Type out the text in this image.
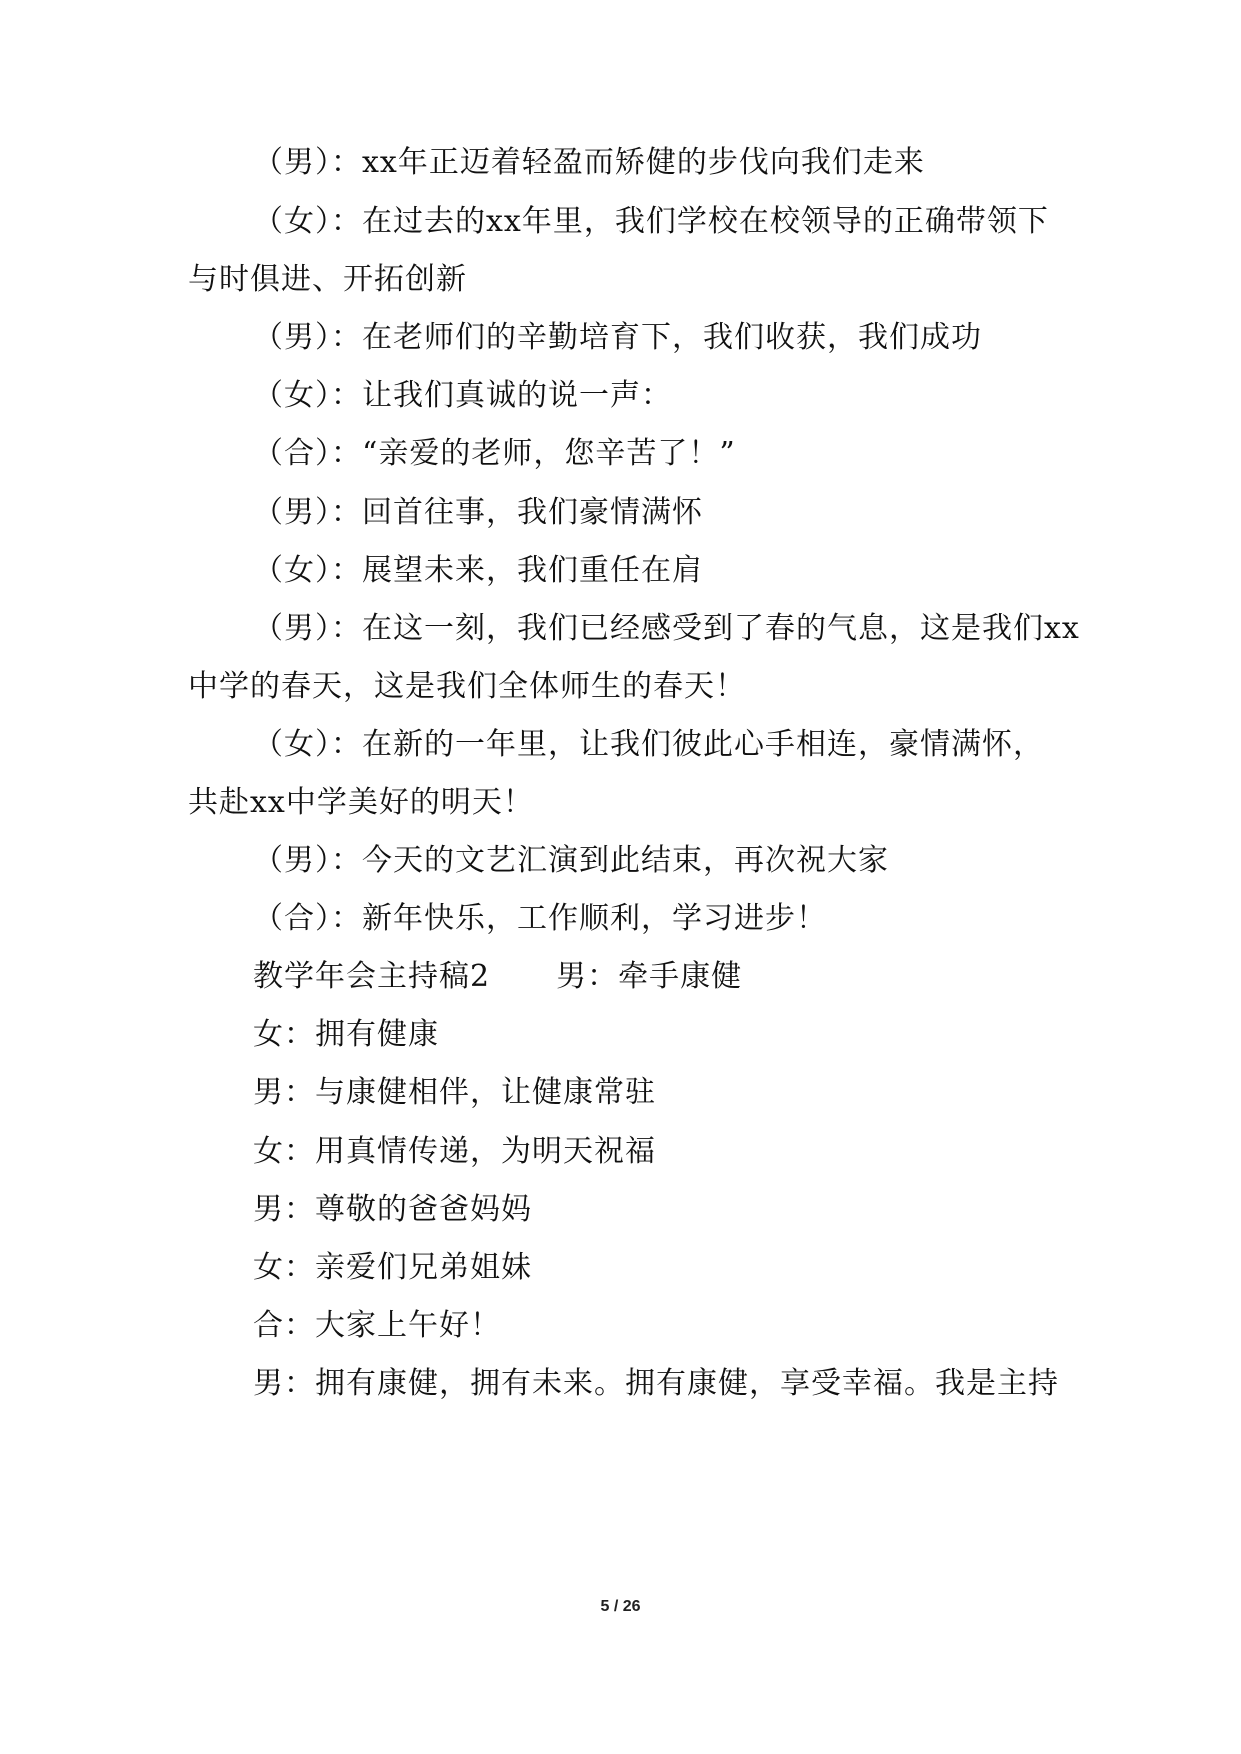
（男）：xx年正迈着轻盈而矫健的步伐向我们走来
（女）：在过去的xx年里，我们学校在校领导的正确带领下
与时俱进、开拓创新
（男）：在老师们的辛勤培育下，我们收获，我们成功
（女）：让我们真诚的说一声：
（合）：“亲爱的老师，您辛苦了！”
（男）：回首往事，我们豪情满怀
（女）：展望未来，我们重任在肩
（男）：在这一刻，我们已经感受到了春的气息，这是我们xx
中学的春天，这是我们全体师生的春天！
（女）：在新的一年里，让我们彼此心手相连，豪情满怀，
共赴xx中学美好的明天！
（男）：今天的文艺汇演到此结束，再次祝大家
（合）：新年快乐，工作顺利，学习进步！
教学年会主持稿2 男：牵手康健
女：拥有健康
男：与康健相伴，让健康常驻
女：用真情传递，为明天祝福
男：尊敬的爸爸妈妈
女：亲爱们兄弟姐妹
合：大家上午好！
男：拥有康健，拥有未来。拥有康健，享受幸福。我是主持
5 / 26
